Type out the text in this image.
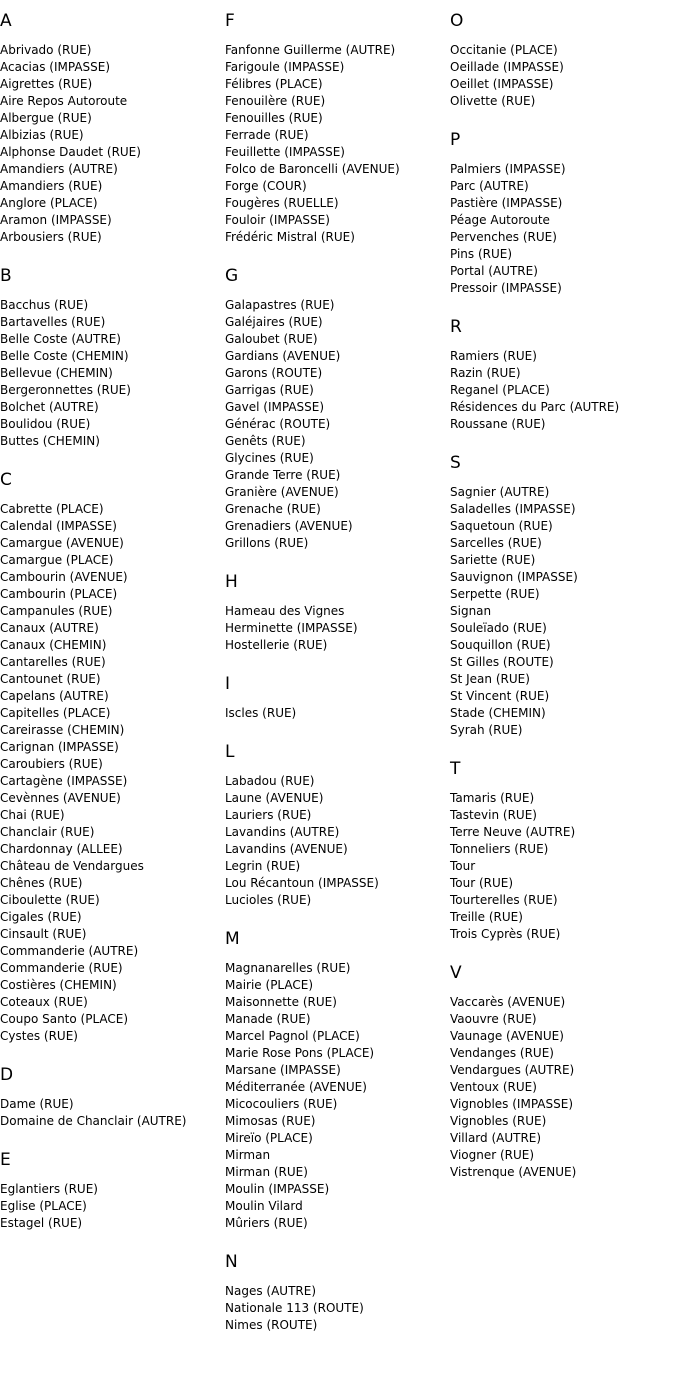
A
Abrivado (RUE)
Acacias (IMPASSE)
Aigrettes (RUE)
Aire Repos Autoroute
Albergue (RUE)
Albizias (RUE)
Alphonse Daudet (RUE)
Amandiers (AUTRE)
Amandiers (RUE)
Anglore (PLACE)
Aramon (IMPASSE)
Arbousiers (RUE)
B
Bacchus (RUE)
Bartavelles (RUE)
Belle Coste (AUTRE)
Belle Coste (CHEMIN)
Bellevue (CHEMIN)
Bergeronnettes (RUE)
Bolchet (AUTRE)
Boulidou (RUE)
Buttes (CHEMIN)
C
Cabrette (PLACE)
Calendal (IMPASSE)
Camargue (AVENUE)
Camargue (PLACE)
Cambourin (AVENUE)
Cambourin (PLACE)
Campanules (RUE)
Canaux (AUTRE)
Canaux (CHEMIN)
Cantarelles (RUE)
Cantounet (RUE)
Capelans (AUTRE)
Capitelles (PLACE)
Careirasse (CHEMIN)
Carignan (IMPASSE)
Caroubiers (RUE)
Cartagène (IMPASSE)
Cevènnes (AVENUE)
Chai (RUE)
Chanclair (RUE)
Chardonnay (ALLEE)
Château de Vendargues
Chênes (RUE)
Ciboulette (RUE)
Cigales (RUE)
Cinsault (RUE)
Commanderie (AUTRE)
Commanderie (RUE)
Costières (CHEMIN)
Coteaux (RUE)
Coupo Santo (PLACE)
Cystes (RUE)
D
Dame (RUE)
Domaine de Chanclair (AUTRE)
E
Eglantiers (RUE)
Eglise (PLACE)
Estagel (RUE)
F
Fanfonne Guillerme (AUTRE)
Farigoule (IMPASSE)
Félibres (PLACE)
Fenouilère (RUE)
Fenouilles (RUE)
Ferrade (RUE)
Feuillette (IMPASSE)
Folco de Baroncelli (AVENUE)
Forge (COUR)
Fougères (RUELLE)
Fouloir (IMPASSE)
Frédéric Mistral (RUE)
G
Galapastres (RUE)
Galéjaires (RUE)
Galoubet (RUE)
Gardians (AVENUE)
Garons (ROUTE)
Garrigas (RUE)
Gavel (IMPASSE)
Générac (ROUTE)
Genêts (RUE)
Glycines (RUE)
Grande Terre (RUE)
Granière (AVENUE)
Grenache (RUE)
Grenadiers (AVENUE)
Grillons (RUE)
H
Hameau des Vignes
Herminette (IMPASSE)
Hostellerie (RUE)
I
Iscles (RUE)
L
Labadou (RUE)
Laune (AVENUE)
Lauriers (RUE)
Lavandins (AUTRE)
Lavandins (AVENUE)
Legrin (RUE)
Lou Récantoun (IMPASSE)
Lucioles (RUE)
M
Magnanarelles (RUE)
Mairie (PLACE)
Maisonnette (RUE)
Manade (RUE)
Marcel Pagnol (PLACE)
Marie Rose Pons (PLACE)
Marsane (IMPASSE)
Méditerranée (AVENUE)
Micocouliers (RUE)
Mimosas (RUE)
Mireïo (PLACE)
Mirman
Mirman (RUE)
Moulin (IMPASSE)
Moulin Vilard
Mûriers (RUE)
N
Nages (AUTRE)
Nationale 113 (ROUTE)
Nimes (ROUTE)
O
Occitanie (PLACE)
Oeillade (IMPASSE)
Oeillet (IMPASSE)
Olivette (RUE)
P
Palmiers (IMPASSE)
Parc (AUTRE)
Pastière (IMPASSE)
Péage Autoroute
Pervenches (RUE)
Pins (RUE)
Portal (AUTRE)
Pressoir (IMPASSE)
R
Ramiers (RUE)
Razin (RUE)
Reganel (PLACE)
Résidences du Parc (AUTRE)
Roussane (RUE)
S
Sagnier (AUTRE)
Saladelles (IMPASSE)
Saquetoun (RUE)
Sarcelles (RUE)
Sariette (RUE)
Sauvignon (IMPASSE)
Serpette (RUE)
Signan
Souleïado (RUE)
Souquillon (RUE)
St Gilles (ROUTE)
St Jean (RUE)
St Vincent (RUE)
Stade (CHEMIN)
Syrah (RUE)
T
Tamaris (RUE)
Tastevin (RUE)
Terre Neuve (AUTRE)
Tonneliers (RUE)
Tour
Tour (RUE)
Tourterelles (RUE)
Treille (RUE)
Trois Cyprès (RUE)
V
Vaccarès (AVENUE)
Vaouvre (RUE)
Vaunage (AVENUE)
Vendanges (RUE)
Vendargues (AUTRE)
Ventoux (RUE)
Vignobles (IMPASSE)
Vignobles (RUE)
Villard (AUTRE)
Viogner (RUE)
Vistrenque (AVENUE)
